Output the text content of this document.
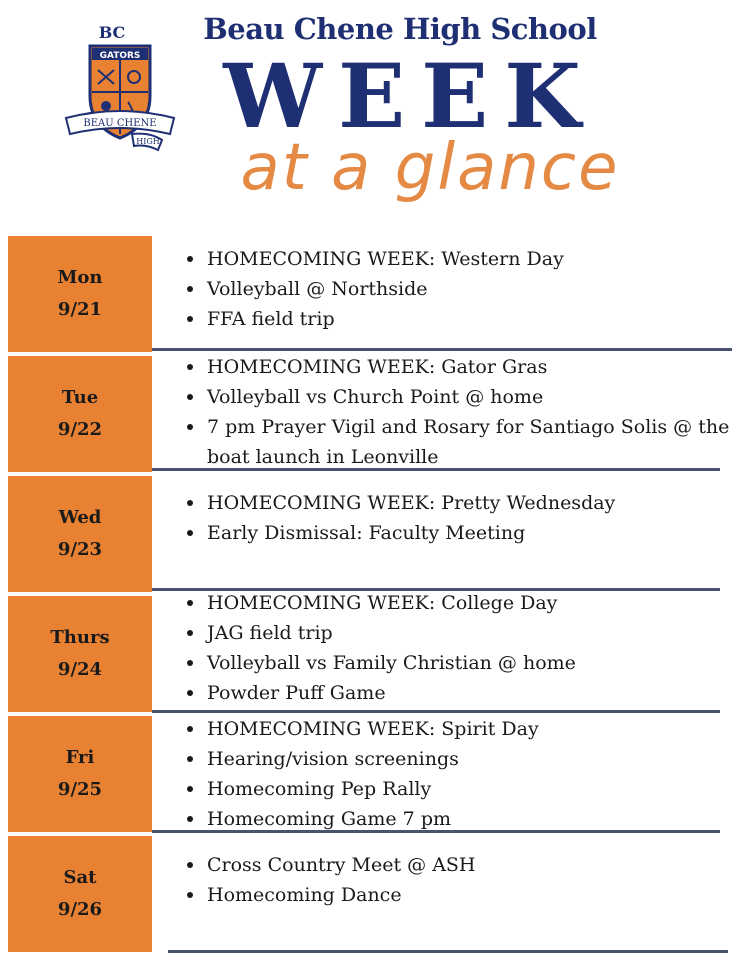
BC
GATORS
BEAU CHENE
HIGH
Beau Chene High School
WEEK
at a glance
Mon
9/21
HOMECOMING WEEK: Western Day
Volleyball @ Northside
FFA field trip
Tue
9/22
HOMECOMING WEEK: Gator Gras
Volleyball vs Church Point @ home
7 pm Prayer Vigil and Rosary for Santiago Solis @ the boat launch in Leonville
Wed
9/23
HOMECOMING WEEK: Pretty Wednesday
Early Dismissal: Faculty Meeting
Thurs
9/24
HOMECOMING WEEK: College Day
JAG field trip
Volleyball vs Family Christian @ home
Powder Puff Game
Fri
9/25
HOMECOMING WEEK: Spirit Day
Hearing/vision screenings
Homecoming Pep Rally
Homecoming Game 7 pm
Sat
9/26
Cross Country Meet @ ASH
Homecoming Dance
